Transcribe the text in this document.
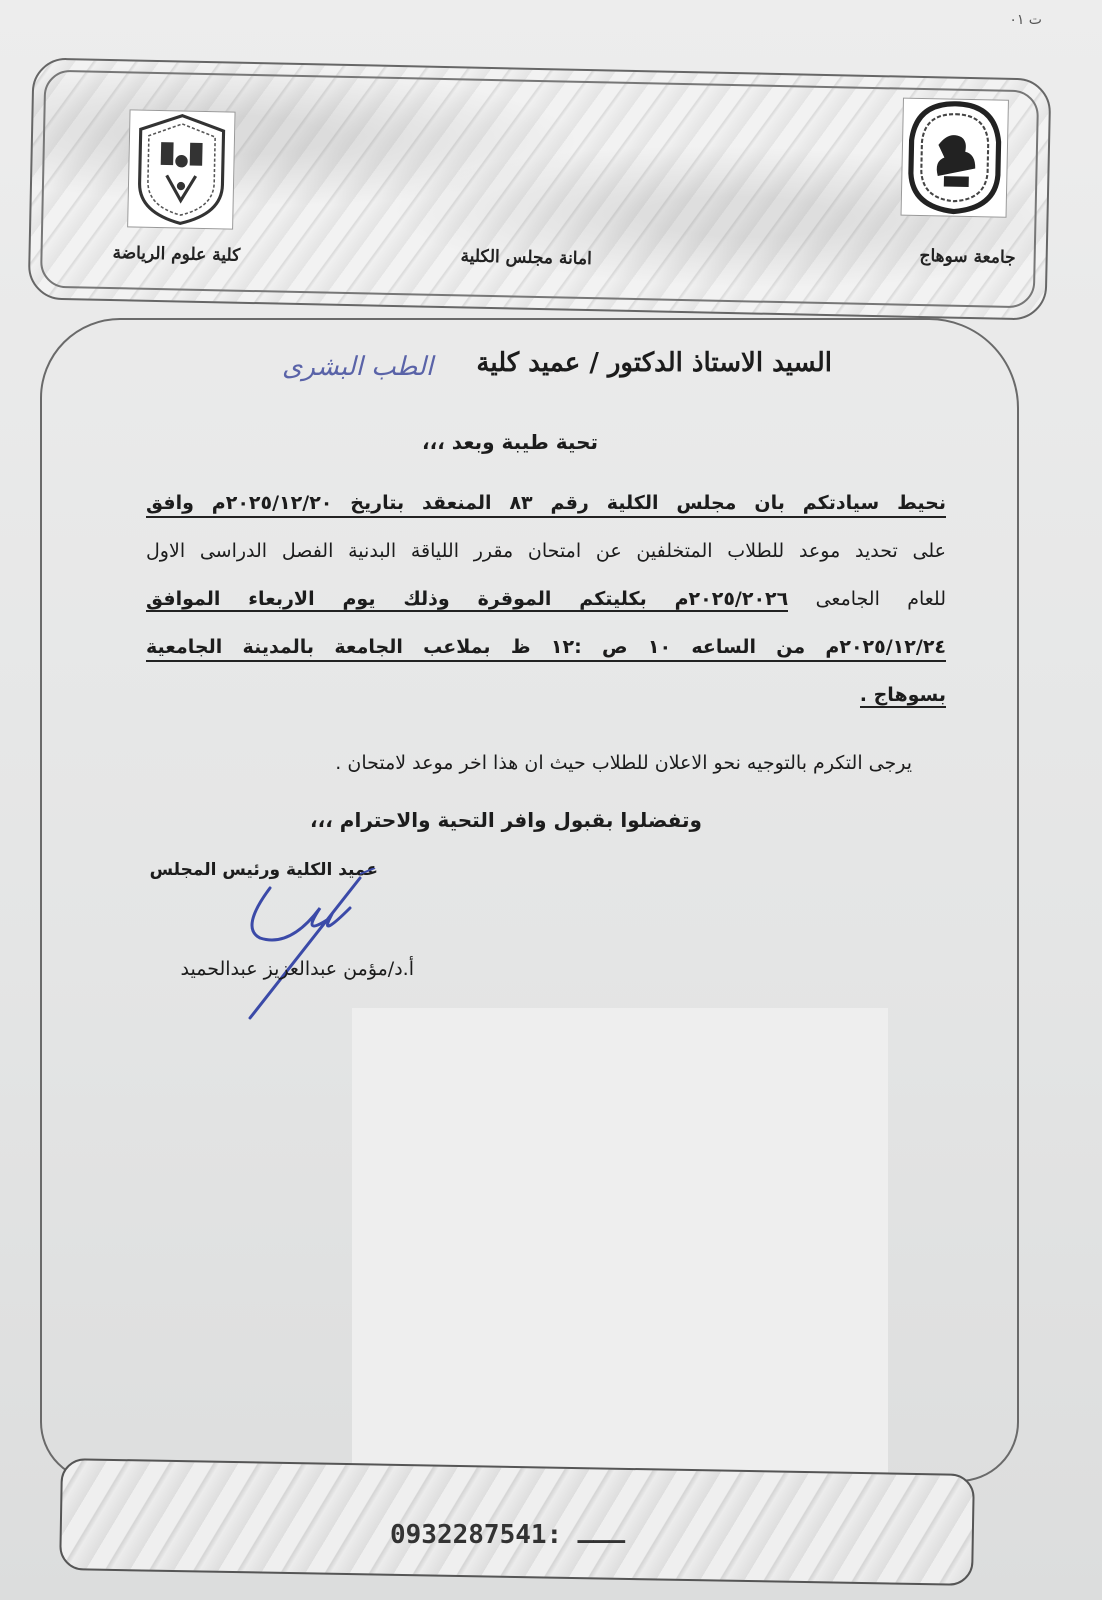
ت ٠١
كلية علوم الرياضة	امانة مجلس الكلية	جامعة سوهاج
السيد الاستاذ الدكتور / عميد كلية
الطب البشرى
تحية طيبة وبعد ،،،
نحيط سيادتكم بان مجلس الكلية رقم ٨٣ المنعقد بتاريخ ٢٠٢٥/١٢/٢٠م وافق
على تحديد موعد للطلاب المتخلفين عن امتحان مقرر اللياقة البدنية الفصل الدراسى الاول
للعام الجامعى ٢٠٢٥/٢٠٢٦م بكليتكم الموقرة وذلك يوم الاربعاء الموافق
٢٠٢٥/١٢/٢٤م من الساعه ١٠ ص :١٢ ظ بملاعب الجامعة بالمدينة الجامعية
بسوهاج .
يرجى التكرم بالتوجيه نحو الاعلان للطلاب حيث ان هذا اخر موعد لامتحان .
وتفضلوا بقبول وافر التحية والاحترام ،،،
عميد الكلية ورئيس المجلس
أ.د/مؤمن عبدالعزيز عبدالحميد
0932287541: ـــ
